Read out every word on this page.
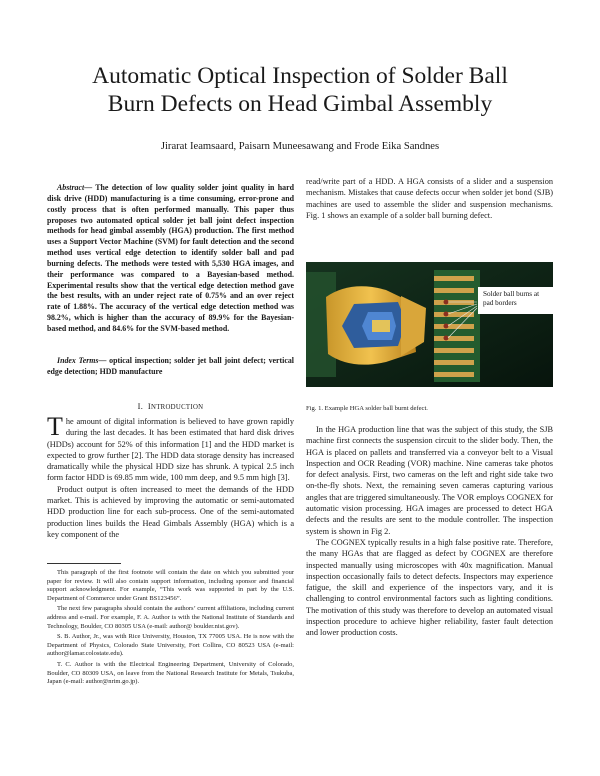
Automatic Optical Inspection of Solder Ball
Burn Defects on Head Gimbal Assembly
Jirarat Ieamsaard, Paisarn Muneesawang and Frode Eika Sandnes

Abstract— The detection of low quality solder joint quality in hard disk drive (HDD) manufacturing is a time consuming, error-prone and costly process that is often performed manually. This paper thus proposes two automated optical solder jet ball joint defect inspection methods for head gimbal assembly (HGA) production. The first method uses a Support Vector Machine (SVM) for fault detection and the second method uses vertical edge detection to identify solder ball and pad burning defects. The methods were tested with 5,530 HGA images, and their performance was compared to a Bayesian-based method. Experimental results show that the vertical edge detection method gave the best results, with an under reject rate of 0.75% and an over reject rate of 1.88%. The accuracy of the vertical edge detection method was 98.2%, which is higher than the accuracy of 89.9% for the Bayesian-based method, and 84.6% for the SVM-based method.

Index Terms— optical inspection; solder jet ball joint defect; vertical edge detection; HDD manufacture

I. INTRODUCTION

The amount of digital information is believed to have grown rapidly during the last decades. It has been estimated that hard disk drives (HDDs) account for 52% of this information [1] and the HDD market is expected to grow further [2]. The HDD data storage density has increased dramatically while the physical HDD size has shrunk. A typical 2.5 inch form factor HDD is 69.85 mm wide, 100 mm deep, and 9.5 mm high [3].

Product output is often increased to meet the demands of the HDD market. This is achieved by improving the automatic or semi-automated HDD production line for each sub-process. One of the semi-automated production lines builds the Head Gimbals Assembly (HGA) which is a key component of the

This paragraph of the first footnote will contain the date on which you submitted your paper for review. It will also contain support information, including sponsor and financial support acknowledgment. For example, “This work was supported in part by the U.S. Department of Commerce under Grant BS123456”.

The next few paragraphs should contain the authors’ current affiliations, including current address and e-mail. For example, F. A. Author is with the National Institute of Standards and Technology, Boulder, CO 80305 USA (e-mail: author@ boulder.nist.gov).

S. B. Author, Jr., was with Rice University, Houston, TX 77005 USA. He is now with the Department of Physics, Colorado State University, Fort Collins, CO 80523 USA (e-mail: author@lamar.colostate.edu).

T. C. Author is with the Electrical Engineering Department, University of Colorado, Boulder, CO 80309 USA, on leave from the National Research Institute for Metals, Tsukuba, Japan (e-mail: author@nrim.go.jp).

read/write part of a HDD. A HGA consists of a slider and a suspension mechanism. Mistakes that cause defects occur when solder jet bond (SJB) machines are used to assemble the slider and suspension mechanisms. Fig. 1 shows an example of a solder ball burning defect.

Solder ball burns at
pad borders
Fig. 1. Example HGA solder ball burnt defect.

In the HGA production line that was the subject of this study, the SJB machine first connects the suspension circuit to the slider body. Then, the HGA is placed on pallets and transferred via a conveyor belt to a Visual Inspection and OCR Reading (VOR) machine. Nine cameras take photos for defect analysis. First, two cameras on the left and right side take two on-the-fly shots. Next, the remaining seven cameras capturing various angles that are triggered simultaneously. The VOR employs COGNEX for automatic vision processing. HGA images are processed to detect HGA defects and the results are sent to the module controller. The inspection system is shown in Fig 2.

The COGNEX typically results in a high false positive rate. Therefore, the many HGAs that are flagged as defect by COGNEX are therefore inspected manually using microscopes with 40x magnification. Manual inspection occasionally fails to detect defects. Inspectors may experience fatigue, the skill and experience of the inspectors vary, and it is challenging to control environmental factors such as lighting conditions. The motivation of this study was therefore to develop an automated visual inspection procedure to achieve higher reliability, faster fault detection and lower production costs.
